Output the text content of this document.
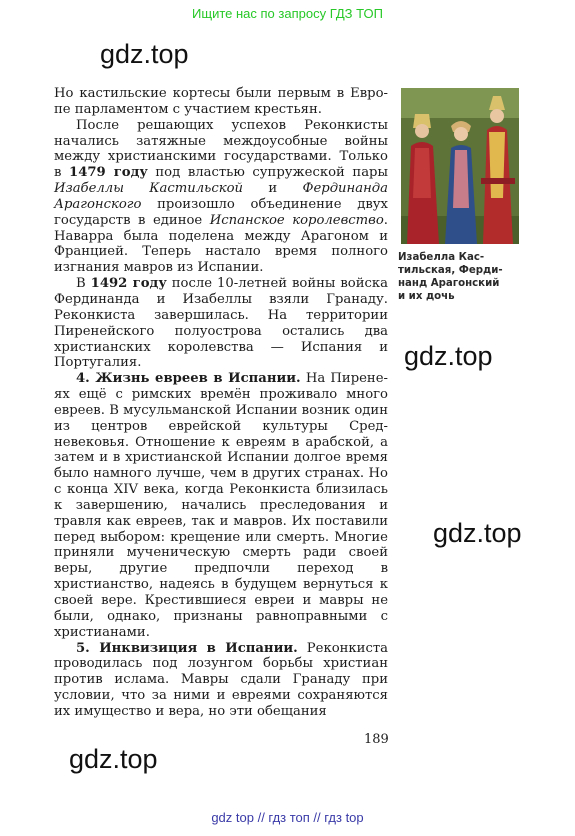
Ищите нас по запросу ГДЗ ТОП
gdz.top
gdz.top
gdz.top
gdz.top

Но кастильские кортесы были первым в Европе парламентом с участием крестьян.

После решающих успехов Реконкисты начались затяжные междоусобные войны между христианскими государствами. Только в 1479 году под властью супружеской пары Изабеллы Кастильской и Фердинанда Арагонского произошло объединение двух государств в единое Испанское королевство. Наварра была поделена между Арагоном и Францией. Теперь настало время полного изгнания мавров из Испании.

В 1492 году после 10-летней войны войска Фердинанда и Изабеллы взяли Гранаду. Реконкиста завершилась. На территории Пиренейского полуострова остались два христианских королевства — Испания и Португалия.

4. Жизнь евреев в Испании. На Пиренеях ещё с римских времён проживало много евреев. В мусульманской Испании возник один из центров еврейской культуры Средневековья. Отношение к евреям в арабской, а затем и в христианской Испании долгое время было намного лучше, чем в других странах. Но с конца XIV века, когда Реконкиста близилась к завершению, начались преследования и травля как евреев, так и мавров. Их поставили перед выбором: крещение или смерть. Многие приняли мученическую смерть ради своей веры, другие предпочли переход в христианство, надеясь в будущем вернуться к своей вере. Крестившиеся евреи и мавры не были, однако, признаны равноправными с христианами.

5. Инквизиция в Испании. Реконкиста проводилась под лозунгом борьбы христиан против ислама. Мавры сдали Гранаду при условии, что за ними и евреями сохраняются их имущество и вера, но эти обещания

Изабелла Кас-
тильская, Ферди-
нанд Арагонский
и их дочь
189
gdz top // гдз топ // гдз top
